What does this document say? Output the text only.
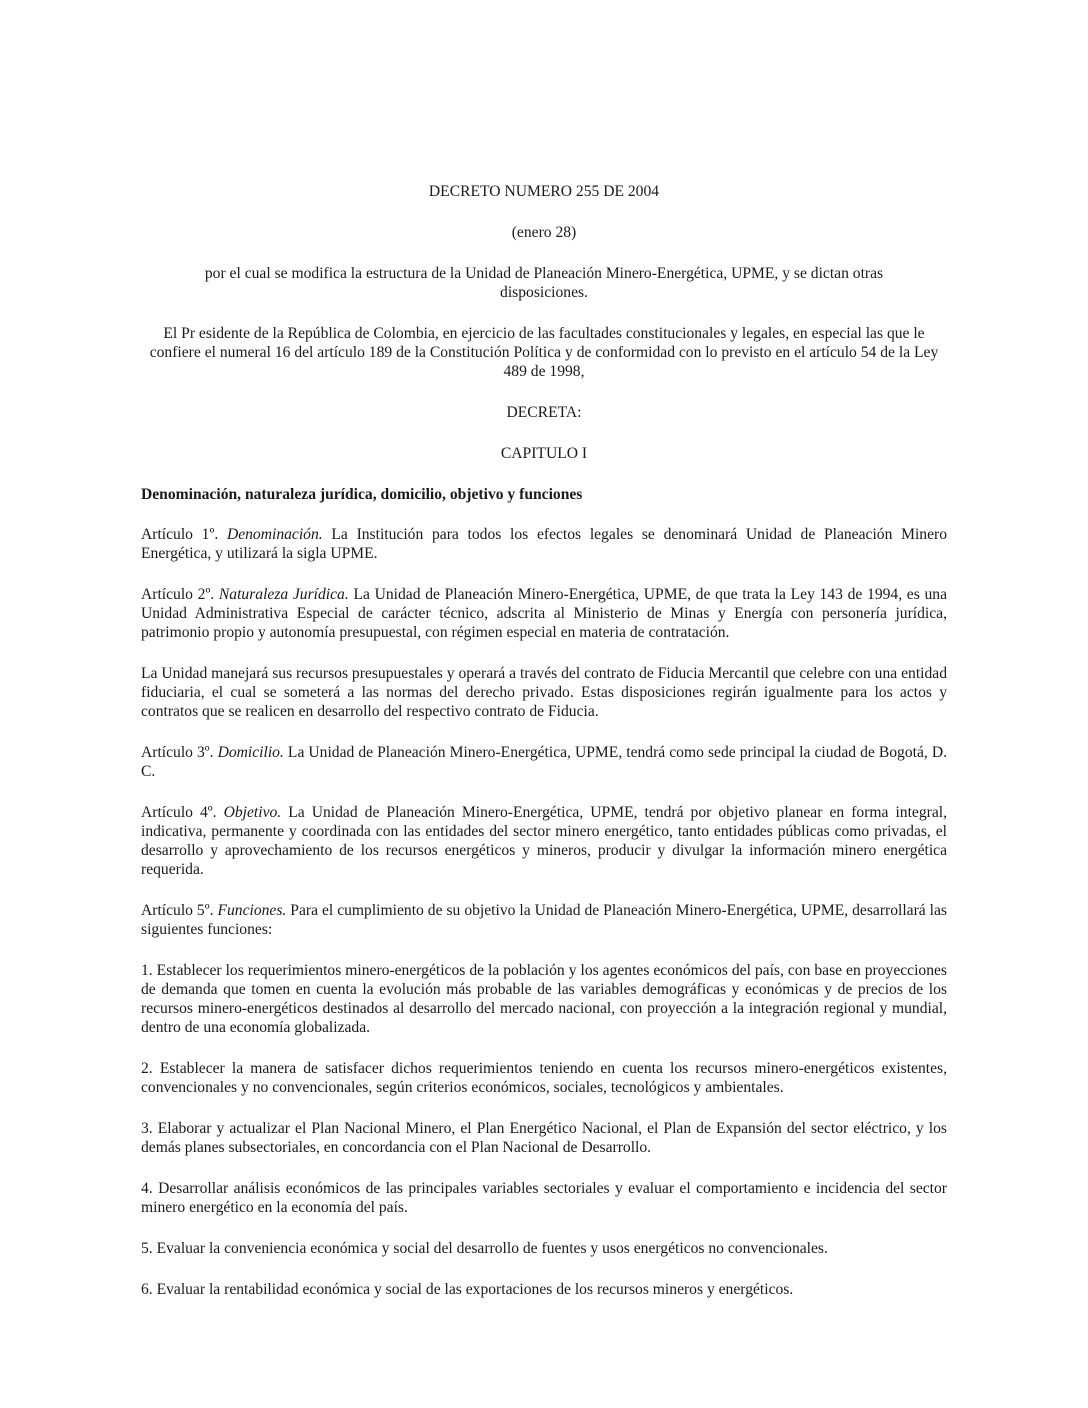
DECRETO NUMERO 255 DE 2004

(enero 28)

por el cual se modifica la estructura de la Unidad de Planeación Minero-Energética, UPME, y se dictan otras disposiciones.

El Pr esidente de la República de Colombia, en ejercicio de las facultades constitucionales y legales, en especial las que le confiere el numeral 16 del artículo 189 de la Constitución Política y de conformidad con lo previsto en el artículo 54 de la Ley 489 de 1998,

DECRETA:

CAPITULO I

Denominación, naturaleza jurídica, domicilio, objetivo y funciones

Artículo 1º. Denominación. La Institución para todos los efectos legales se denominará Unidad de Planeación Minero Energética, y utilizará la sigla UPME.

Artículo 2º. Naturaleza Jurídica. La Unidad de Planeación Minero-Energética, UPME, de que trata la Ley 143 de 1994, es una Unidad Administrativa Especial de carácter técnico, adscrita al Ministerio de Minas y Energía con personería jurídica, patrimonio propio y autonomía presupuestal, con régimen especial en materia de contratación.

La Unidad manejará sus recursos presupuestales y operará a través del contrato de Fiducia Mercantil que celebre con una entidad fiduciaria, el cual se someterá a las normas del derecho privado. Estas disposiciones regirán igualmente para los actos y contratos que se realicen en desarrollo del respectivo contrato de Fiducia.

Artículo 3º. Domicilio. La Unidad de Planeación Minero-Energética, UPME, tendrá como sede principal la ciudad de Bogotá, D. C.

Artículo 4º. Objetivo. La Unidad de Planeación Minero-Energética, UPME, tendrá por objetivo planear en forma integral, indicativa, permanente y coordinada con las entidades del sector minero energético, tanto entidades públicas como privadas, el desarrollo y aprovechamiento de los recursos energéticos y mineros, producir y divulgar la información minero energética requerida.

Artículo 5º. Funciones. Para el cumplimiento de su objetivo la Unidad de Planeación Minero-Energética, UPME, desarrollará las siguientes funciones:

1. Establecer los requerimientos minero-energéticos de la población y los agentes económicos del país, con base en proyecciones de demanda que tomen en cuenta la evolución más probable de las variables demográficas y económicas y de precios de los recursos minero-energéticos destinados al desarrollo del mercado nacional, con proyección a la integración regional y mundial, dentro de una economía globalizada.

2. Establecer la manera de satisfacer dichos requerimientos teniendo en cuenta los recursos minero-energéticos existentes, convencionales y no convencionales, según criterios económicos, sociales, tecnológicos y ambientales.

3. Elaborar y actualizar el Plan Nacional Minero, el Plan Energético Nacional, el Plan de Expansión del sector eléctrico, y los demás planes subsectoriales, en concordancia con el Plan Nacional de Desarrollo.

4. Desarrollar análisis económicos de las principales variables sectoriales y evaluar el comportamiento e incidencia del sector minero energético en la economía del país.

5. Evaluar la conveniencia económica y social del desarrollo de fuentes y usos energéticos no convencionales.

6. Evaluar la rentabilidad económica y social de las exportaciones de los recursos mineros y energéticos.
